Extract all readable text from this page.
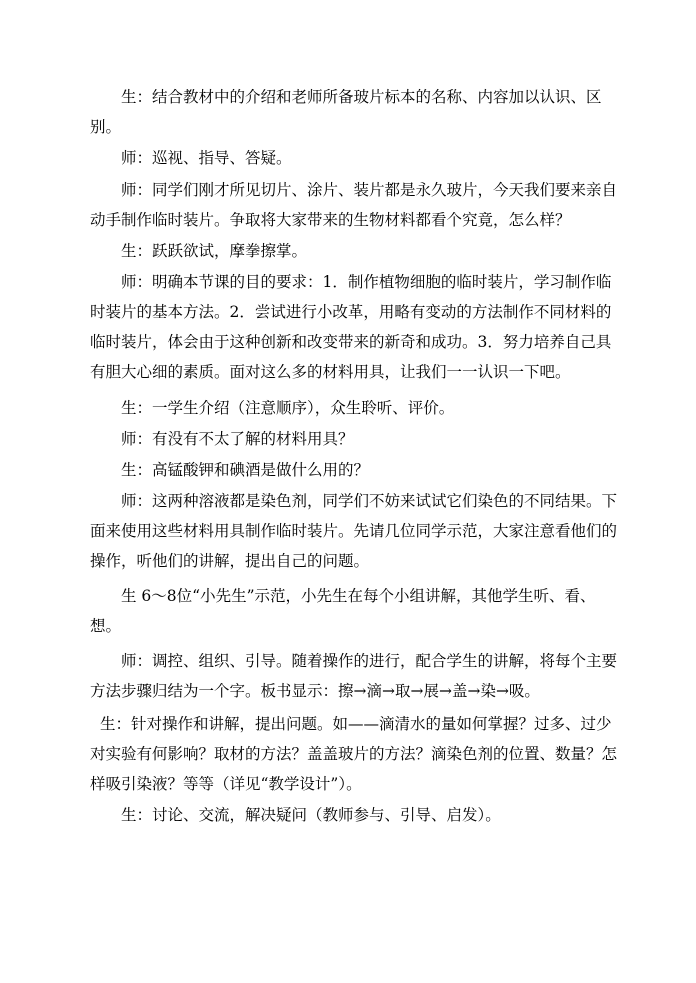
生：结合教材中的介绍和老师所备玻片标本的名称、内容加以认识、区别。

师：巡视、指导、答疑。

师：同学们刚才所见切片、涂片、装片都是永久玻片，今天我们要来亲自动手制作临时装片。争取将大家带来的生物材料都看个究竟，怎么样？

生：跃跃欲试，摩拳擦掌。

师：明确本节课的目的要求：1．制作植物细胞的临时装片，学习制作临时装片的基本方法。2．尝试进行小改革，用略有变动的方法制作不同材料的临时装片，体会由于这种创新和改变带来的新奇和成功。3．努力培养自己具有胆大心细的素质。面对这么多的材料用具，让我们一一认识一下吧。

生：一学生介绍（注意顺序），众生聆听、评价。

师：有没有不太了解的材料用具？

生：高锰酸钾和碘酒是做什么用的？

师：这两种溶液都是染色剂，同学们不妨来试试它们染色的不同结果。下面来使用这些材料用具制作临时装片。先请几位同学示范，大家注意看他们的操作，听他们的讲解，提出自己的问题。

生 6～8位“小先生”示范，小先生在每个小组讲解，其他学生听、看、想。

师：调控、组织、引导。随着操作的进行，配合学生的讲解，将每个主要方法步骤归结为一个字。板书显示：擦→滴→取→展→盖→染→吸。

生：针对操作和讲解，提出问题。如——滴清水的量如何掌握？过多、过少对实验有何影响？取材的方法？盖盖玻片的方法？滴染色剂的位置、数量？怎样吸引染液？等等（详见“教学设计”）。

生：讨论、交流，解决疑问（教师参与、引导、启发）。
